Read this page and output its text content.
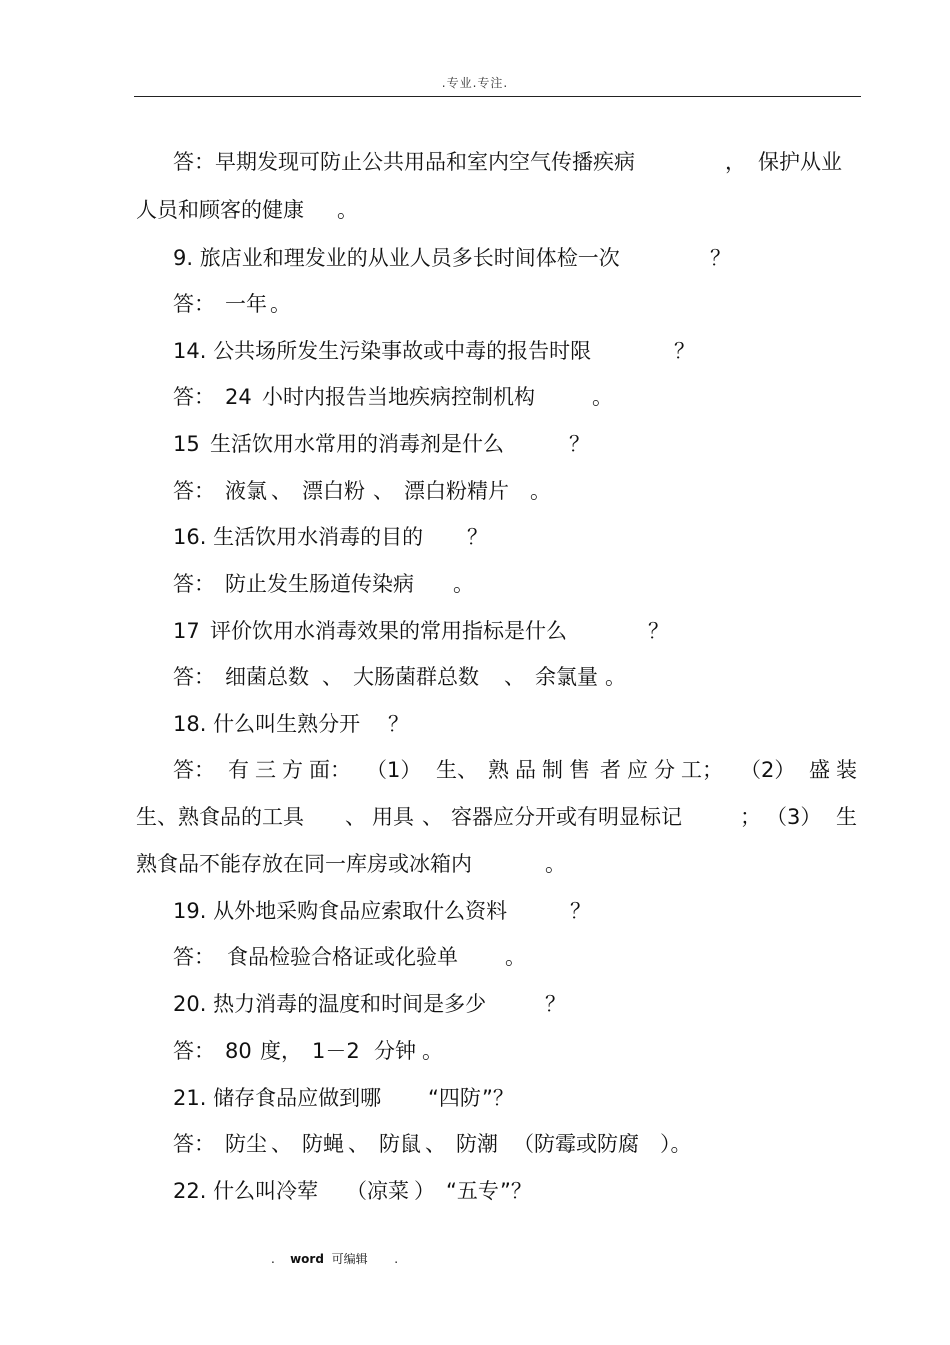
.专业.专注.
答：早期发现可防止公共用品和室内空气传播疾病	， 保护从业
人员和顾客的健康 。
9. 旅店业和理发业的从业人员多长时间体检一次	？
答： 一年 。
14. 公共场所发生污染事故或中毒的报告时限	？
答： 24 小时内报告当地疾病控制机构	。
15 生活饮用水常用的消毒剂是什么	？
答： 液氯 、 漂白粉 、 漂白粉精片 。
16. 生活饮用水消毒的目的 ？
答： 防止发生肠道传染病 。
17 评价饮用水消毒效果的常用指标是什么	？
答： 细菌总数 、 大肠菌群总数 、 余氯量 。
18. 什么叫生熟分开 ？
答： 有 三 方 面： （1） 生、 熟 品 制 售 者 应 分 工； （2） 盛 装
生、熟食品的工具 、 用具 、 容器应分开或有明显标记	； （3） 生
熟食品不能存放在同一库房或冰箱内	。
19. 从外地采购食品应索取什么资料	？
答： 食品检验合格证或化验单 。
20. 热力消毒的温度和时间是多少	？
答： 80 度， 1－2 分钟 。
21. 储存食品应做到哪 “四防 ”？
答： 防尘 、 防蝇 、 防鼠 、 防潮 （防霉或防腐 ）。
22. 什么叫冷荤 （凉菜 ） “五专 ”？
. word 可编辑 .
